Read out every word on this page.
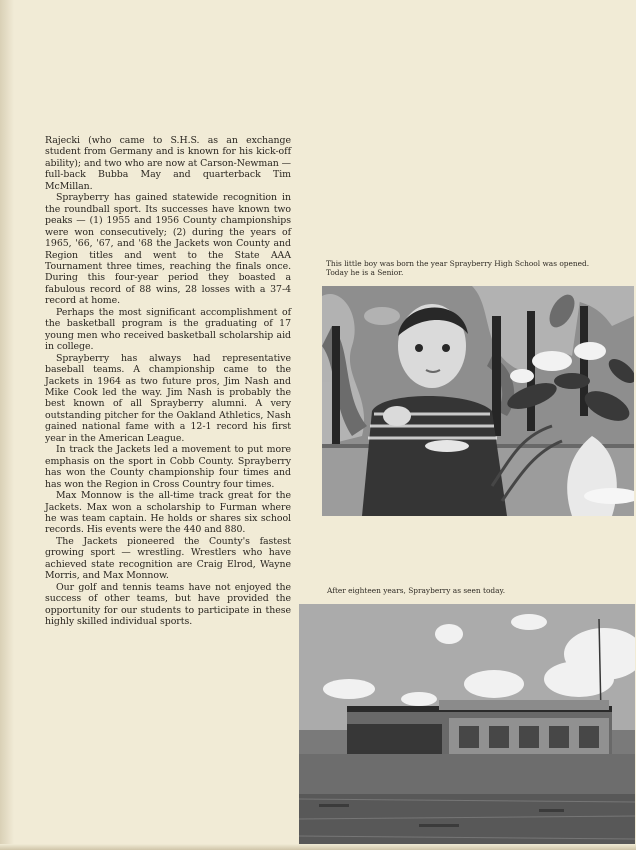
Rajecki (who came to S.H.S. as an exchange student from Germany and is known for his kick-off ability); and two who are now at Carson-Newman — full-back Bubba May and quarterback Tim McMillan.

Sprayberry has gained statewide recognition in the roundball sport. Its successes have known two peaks — (1) 1955 and 1956 County championships were won consecutively; (2) during the years of 1965, '66, '67, and '68 the Jackets won County and Region titles and went to the State AAA Tournament three times, reaching the finals once. During this four-year period they boasted a fabulous record of 88 wins, 28 losses with a 37-4 record at home.

Perhaps the most significant accomplishment of the basketball program is the graduating of 17 young men who received basketball scholarship aid in college.

Sprayberry has always had representative baseball teams. A championship came to the Jackets in 1964 as two future pros, Jim Nash and Mike Cook led the way. Jim Nash is probably the best known of all Sprayberry alumni. A very outstanding pitcher for the Oakland Athletics, Nash gained national fame with a 12-1 record his first year in the American League.

In track the Jackets led a movement to put more emphasis on the sport in Cobb County. Sprayberry has won the County championship four times and has won the Region in Cross Country four times.

Max Monnow is the all-time track great for the Jackets. Max won a scholarship to Furman where he was team captain. He holds or shares six school records. His events were the 440 and 880.

The Jackets pioneered the County's fastest growing sport — wrestling. Wrestlers who have achieved state recognition are Craig Elrod, Wayne Morris, and Max Monnow.

Our golf and tennis teams have not enjoyed the success of other teams, but have provided the opportunity for our students to participate in these highly skilled individual sports.

This little boy was born the year Sprayberry High School was opened. Today he is a Senior.
After eighteen years, Sprayberry as seen today.
